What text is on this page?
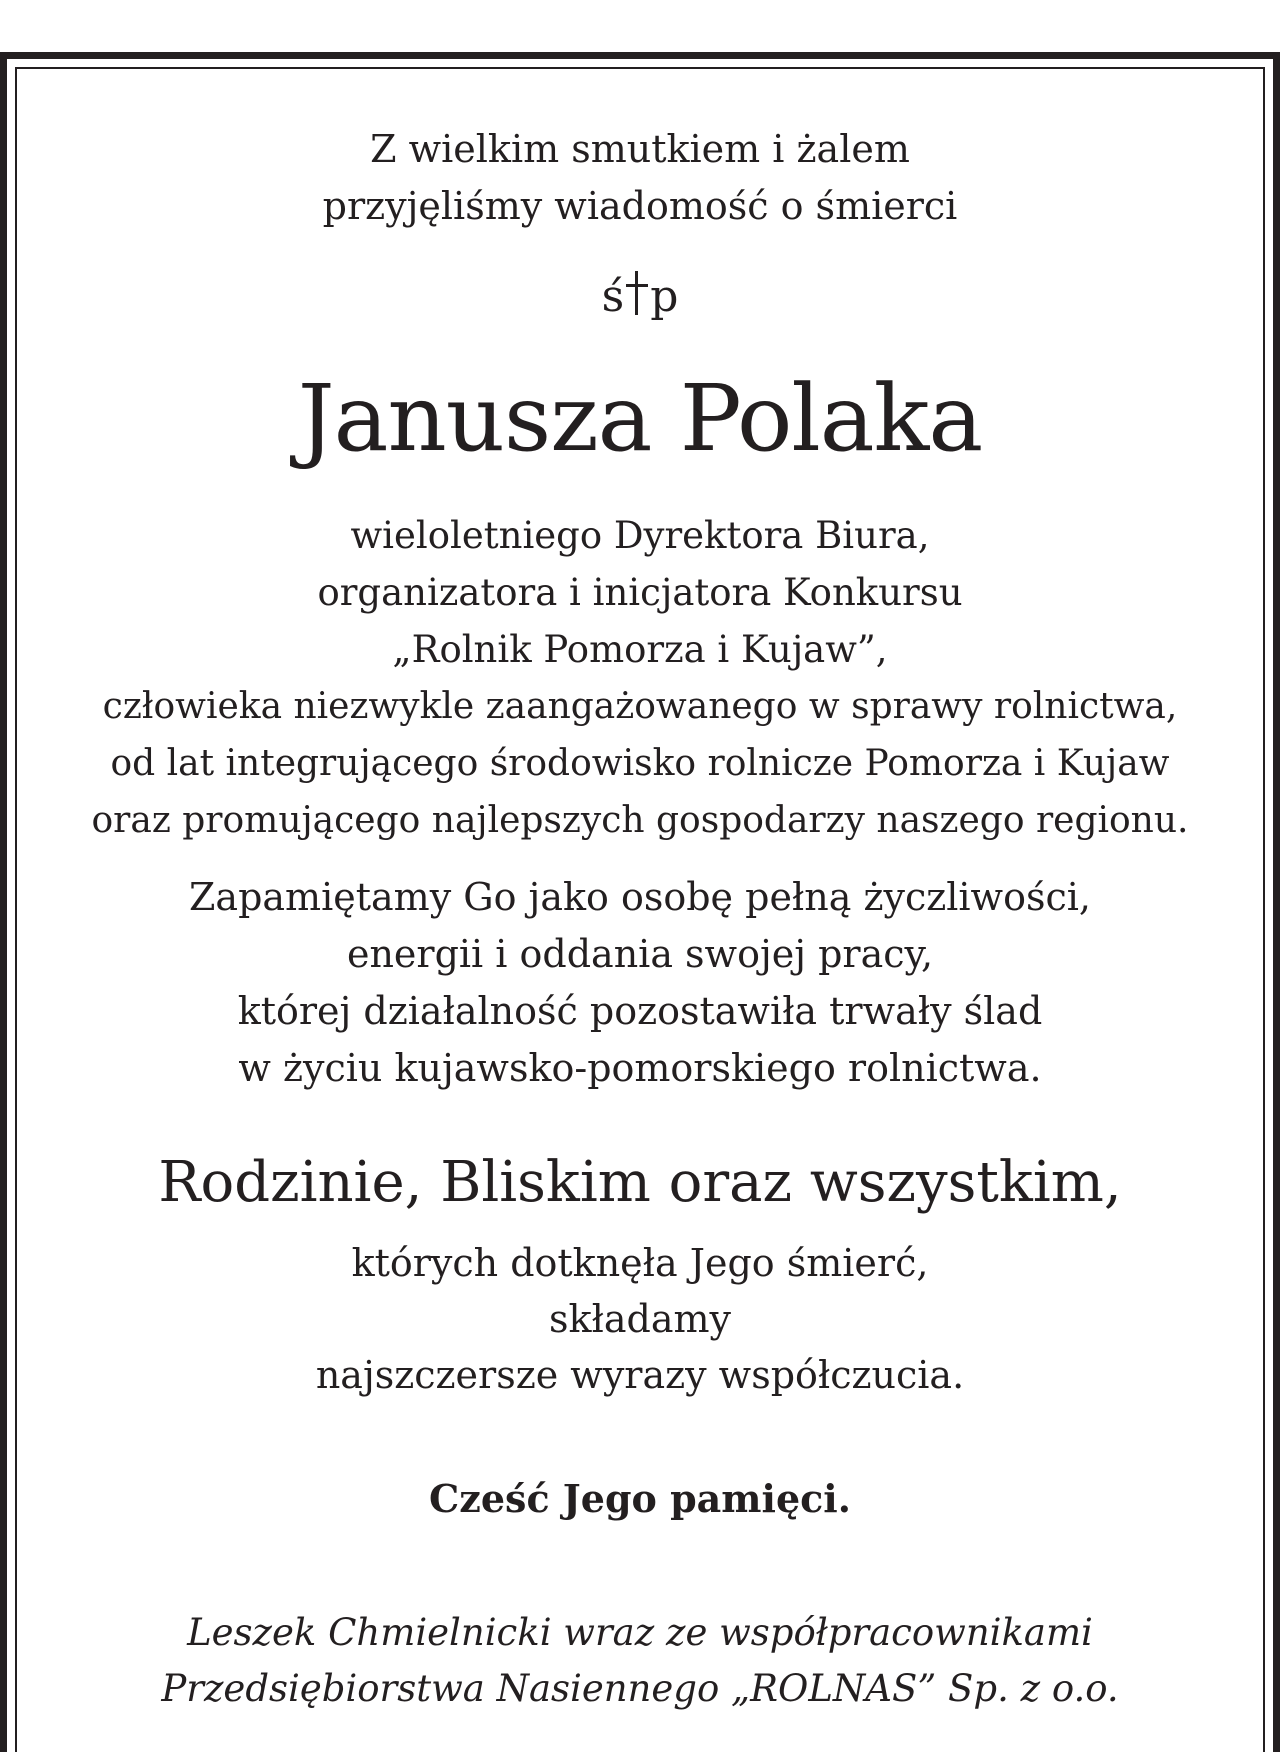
Z wielkim smutkiem i żalem

przyjęliśmy wiadomość o śmierci

ś p
Janusza Polaka

wieloletniego Dyrektora Biura,

organizatora i inicjatora Konkursu

„Rolnik Pomorza i Kujaw”,

człowieka niezwykle zaangażowanego w sprawy rolnictwa,

od lat integrującego środowisko rolnicze Pomorza i Kujaw

oraz promującego najlepszych gospodarzy naszego regionu.

Zapamiętamy Go jako osobę pełną życzliwości,

energii i oddania swojej pracy,

której działalność pozostawiła trwały ślad

w życiu kujawsko-pomorskiego rolnictwa.

Rodzinie, Bliskim oraz wszystkim,

których dotknęła Jego śmierć,

składamy

najszczersze wyrazy współczucia.

Cześć Jego pamięci.

Leszek Chmielnicki wraz ze współpracownikami

Przedsiębiorstwa Nasiennego „ROLNAS” Sp. z o.o.
